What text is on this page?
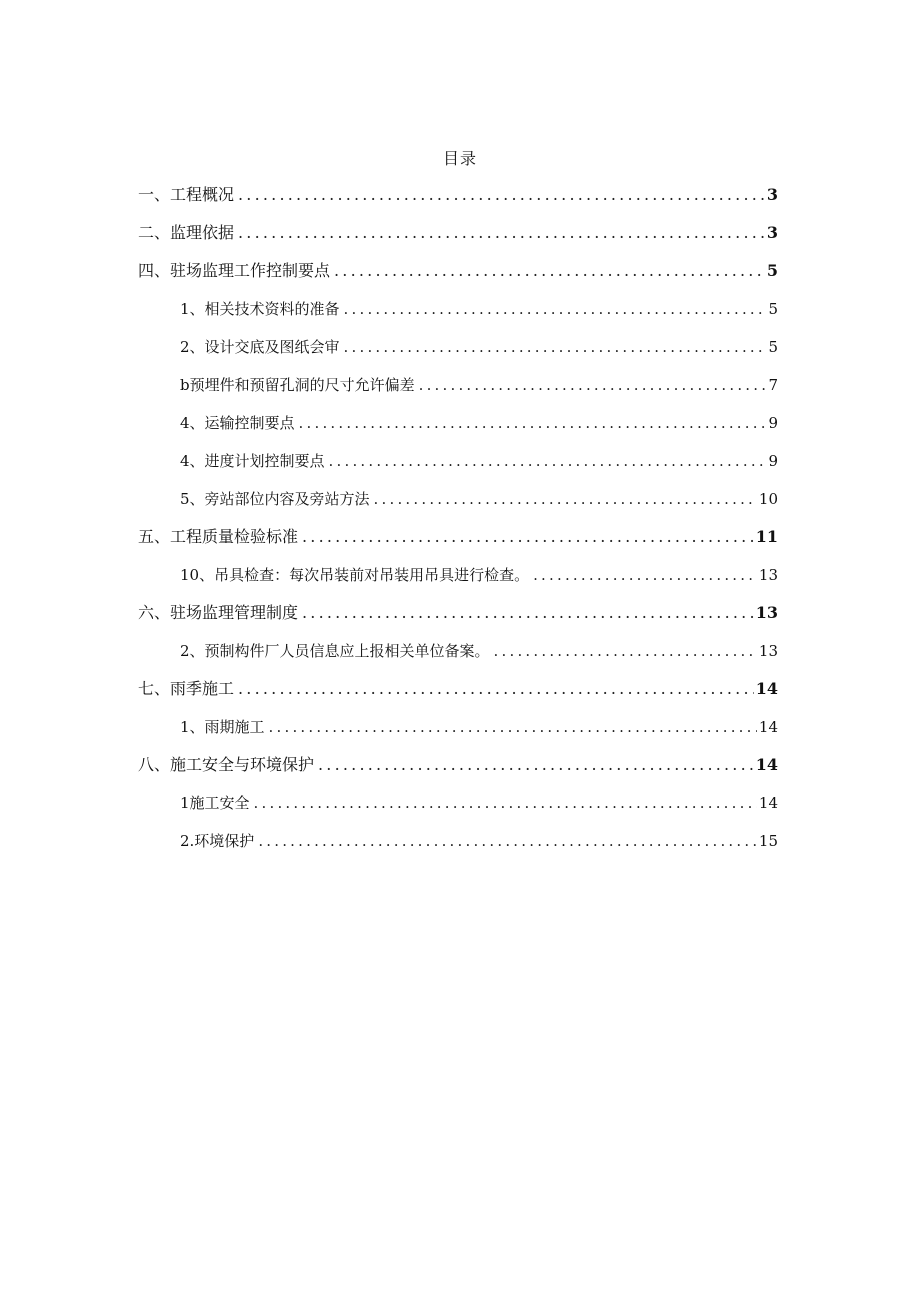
目录
一、工程概况 .....	3
二、监理依据 .....	3
四、驻场监理工作控制要点 .....	5
1、相关技术资料的准备 .....	5
2、设计交底及图纸会审 .....	5
b预埋件和预留孔洞的尺寸允许偏差 .....	7
4、运输控制要点 .....	9
4、进度计划控制要点 .....	9
5、旁站部位内容及旁站方法 .....	10
五、工程质量检验标准 .....	11
10、吊具检查：每次吊装前对吊装用吊具进行检查。 .....	13
六、驻场监理管理制度 .....	13
2、预制构件厂人员信息应上报相关单位备案。 .....	13
七、雨季施工 .....	14
1、雨期施工 .....	14
八、施工安全与环境保护 .....	14
1施工安全 .....	14
2.环境保护 .....	15
